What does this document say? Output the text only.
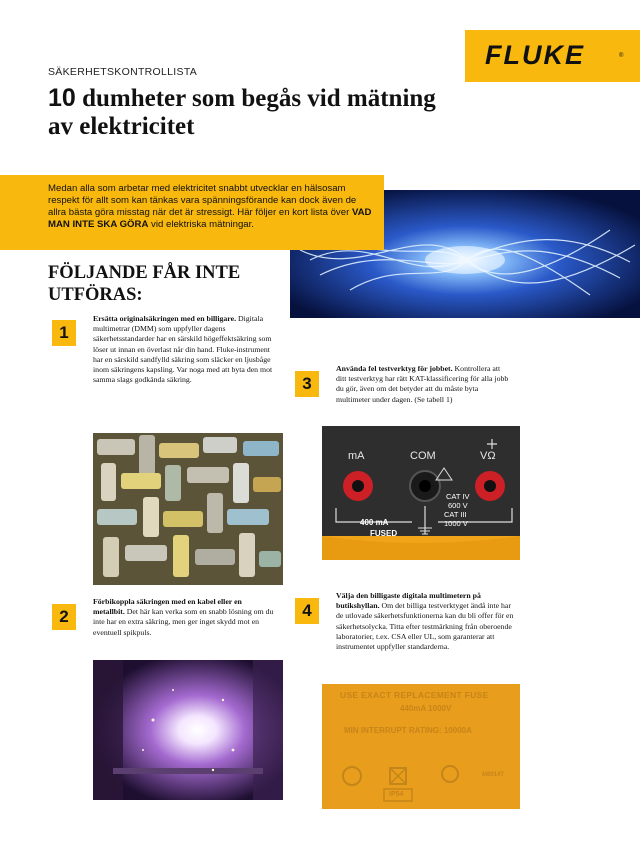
FLUKE	®
SÄKERHETSKONTROLLISTA
10 dumheter som begås vid mätning av elektricitet
Medan alla som arbetar med elektricitet snabbt utvecklar en hälsosam respekt för allt som kan tänkas vara spänningsförande kan dock även de allra bästa göra misstag när det är stressigt. Här följer en kort lista över VAD MAN INTE SKA GÖRA vid elektriska mätningar.
FÖLJANDE FÅR INTE UTFÖRAS:
1
Ersätta originalsäkringen med en billigare. Digitala multimetrar (DMM) som uppfyller dagens säkerhetsstandarder har en särskild högeffektsäkring som löser ut innan en överlast når din hand. Fluke-instrument har en särskild sandfylld säkring som släcker en ljusbåge inom säkringens kapsling. Var noga med att byta den mot samma slags godkända säkring.
2
Förbikoppla säkringen med en kabel eller en metallbit. Det här kan verka som en snabb lösning om du inte har en extra säkring, men ger inget skydd mot en eventuell spikpuls.
3
Använda fel testverktyg för jobbet. Kontrollera att ditt testverktyg har rätt KAT-klassificering för alla jobb du gör, även om det betyder att du måste byta multimeter under dagen. (Se tabell 1)
mA	COM	VΩ
400 mA
FUSED
CAT IV
600 V
CAT III
1000 V
4
Välja den billigaste digitala multimetern på butikshyllan. Om det billiga testverktyget ändå inte har de utlovade säkerhetsfunktionerna kan du bli offer för en säkerhetsolycka. Titta efter testmärkning från oberoende laboratorier, t.ex. CSA eller UL, som garanterar att instrumentet uppfyller standarderna.
USE EXACT REPLACEMENT FUSE
440mA 1000V
MIN INTERRUPT RATING: 10000A
IP54
M8014T
